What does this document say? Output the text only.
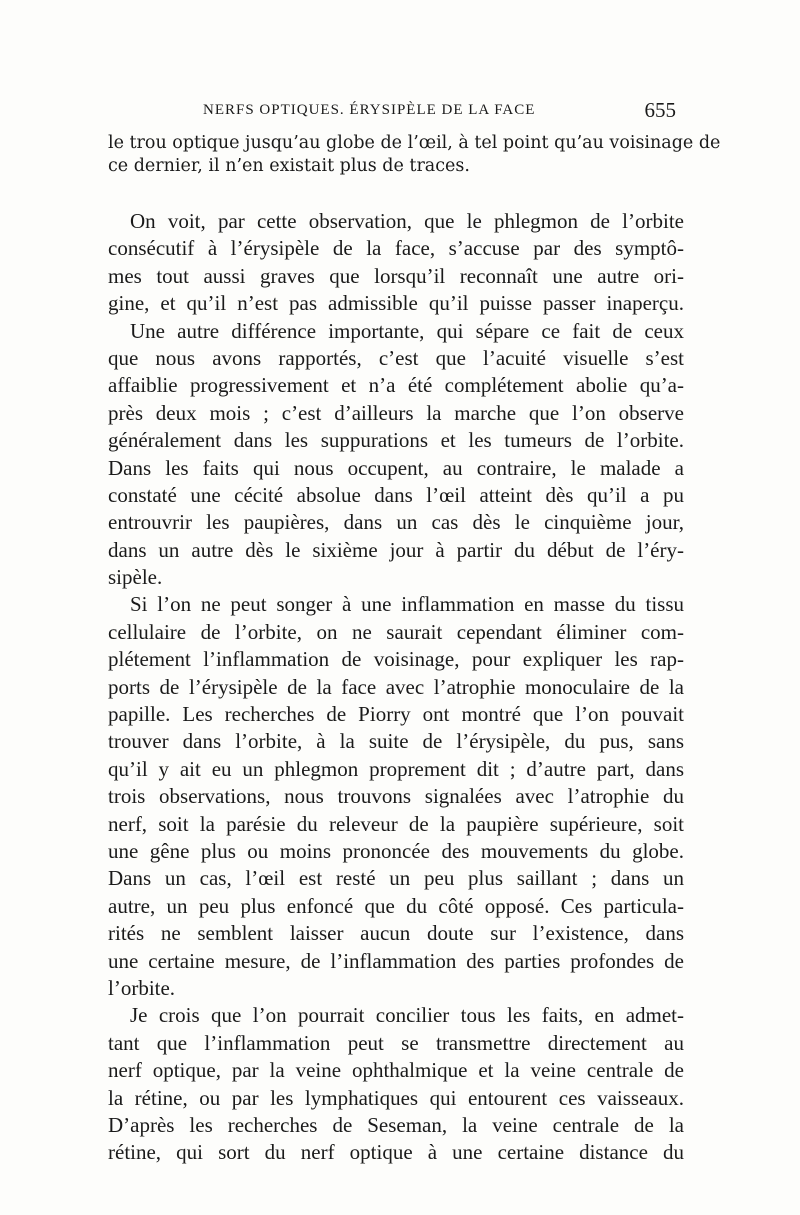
NERFS OPTIQUES. ÉRYSIPÈLE DE LA FACE	655
le trou optique jusqu’au globe de l’œil, à tel point qu’au voisinage de
ce dernier, il n’en existait plus de traces.
On voit, par cette observation, que le phlegmon de l’orbite
consécutif à l’érysipèle de la face, s’accuse par des symptô-
mes tout aussi graves que lorsqu’il reconnaît une autre ori-
gine, et qu’il n’est pas admissible qu’il puisse passer inaperçu.
Une autre différence importante, qui sépare ce fait de ceux
que nous avons rapportés, c’est que l’acuité visuelle s’est
affaiblie progressivement et n’a été complétement abolie qu’a-
près deux mois ; c’est d’ailleurs la marche que l’on observe
généralement dans les suppurations et les tumeurs de l’orbite.
Dans les faits qui nous occupent, au contraire, le malade a
constaté une cécité absolue dans l’œil atteint dès qu’il a pu
entrouvrir les paupières, dans un cas dès le cinquième jour,
dans un autre dès le sixième jour à partir du début de l’éry-
sipèle.
Si l’on ne peut songer à une inflammation en masse du tissu
cellulaire de l’orbite, on ne saurait cependant éliminer com-
plétement l’inflammation de voisinage, pour expliquer les rap-
ports de l’érysipèle de la face avec l’atrophie monoculaire de la
papille. Les recherches de Piorry ont montré que l’on pouvait
trouver dans l’orbite, à la suite de l’érysipèle, du pus, sans
qu’il y ait eu un phlegmon proprement dit ; d’autre part, dans
trois observations, nous trouvons signalées avec l’atrophie du
nerf, soit la parésie du releveur de la paupière supérieure, soit
une gêne plus ou moins prononcée des mouvements du globe.
Dans un cas, l’œil est resté un peu plus saillant ; dans un
autre, un peu plus enfoncé que du côté opposé. Ces particula-
rités ne semblent laisser aucun doute sur l’existence, dans
une certaine mesure, de l’inflammation des parties profondes de
l’orbite.
Je crois que l’on pourrait concilier tous les faits, en admet-
tant que l’inflammation peut se transmettre directement au
nerf optique, par la veine ophthalmique et la veine centrale de
la rétine, ou par les lymphatiques qui entourent ces vaisseaux.
D’après les recherches de Seseman, la veine centrale de la
rétine, qui sort du nerf optique à une certaine distance du
